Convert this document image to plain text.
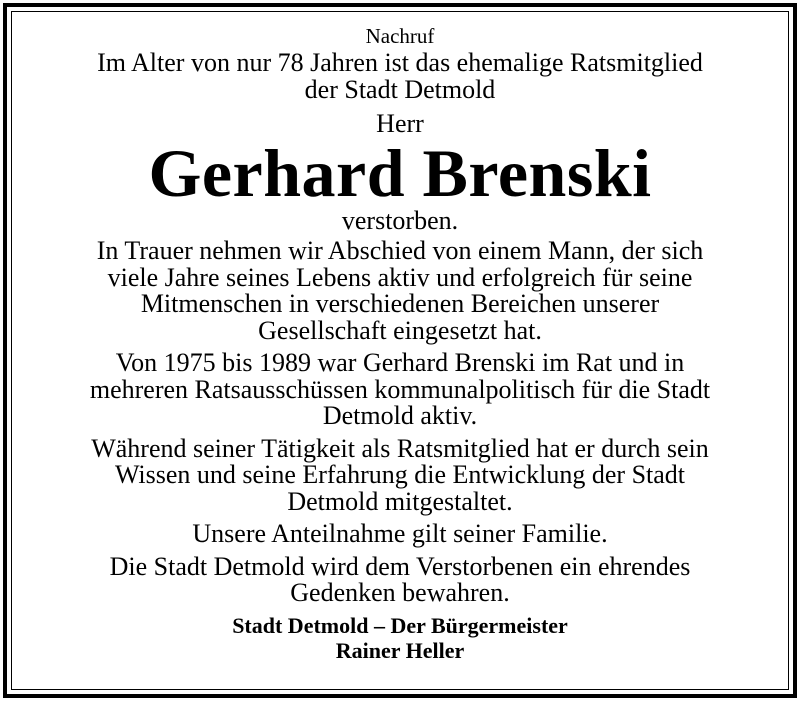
Nachruf
Im Alter von nur 78 Jahren ist das ehemalige Ratsmitglied
der Stadt Detmold
Herr
Gerhard Brenski
verstorben.
In Trauer nehmen wir Abschied von einem Mann, der sich
viele Jahre seines Lebens aktiv und erfolgreich für seine
Mitmenschen in verschiedenen Bereichen unserer
Gesellschaft eingesetzt hat.
Von 1975 bis 1989 war Gerhard Brenski im Rat und in
mehreren Ratsausschüssen kommunalpolitisch für die Stadt
Detmold aktiv.
Während seiner Tätigkeit als Ratsmitglied hat er durch sein
Wissen und seine Erfahrung die Entwicklung der Stadt
Detmold mitgestaltet.
Unsere Anteilnahme gilt seiner Familie.
Die Stadt Detmold wird dem Verstorbenen ein ehrendes
Gedenken bewahren.
Stadt Detmold – Der Bürgermeister
Rainer Heller
